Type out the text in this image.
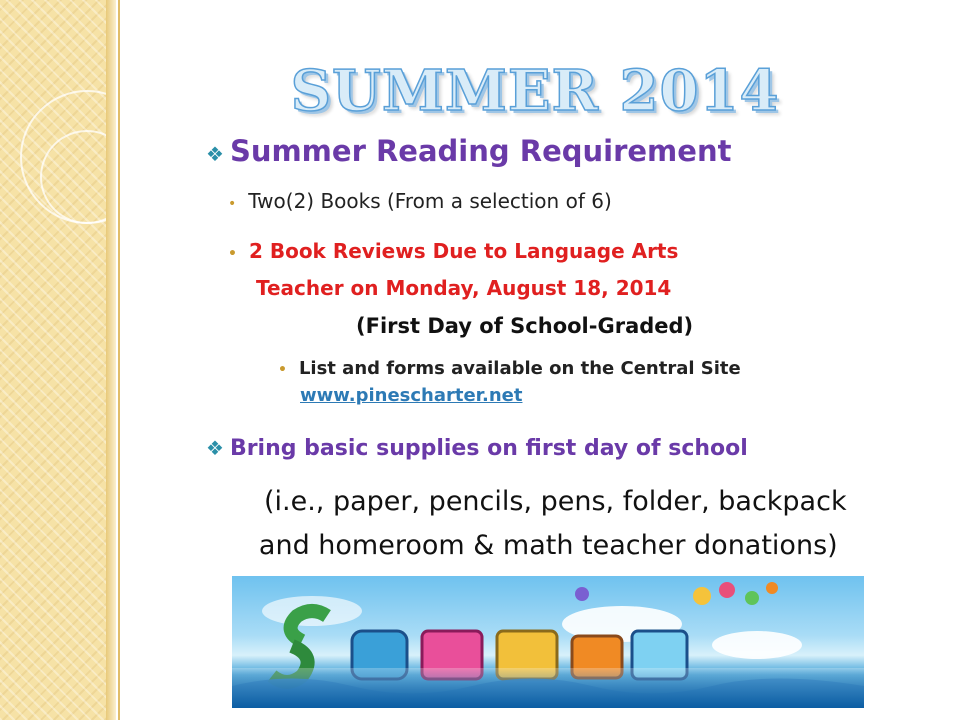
SUMMER 2014
❖ Summer Reading Requirement
• Two(2) Books (From a selection of 6)
• 2 Book Reviews Due to Language Arts
Teacher on Monday, August 18, 2014
(First Day of School-Graded)
• List and forms available on the Central Site
www.pinescharter.net
❖ Bring basic supplies on first day of school
(i.e., paper, pencils, pens, folder, backpack
and homeroom & math teacher donations)
